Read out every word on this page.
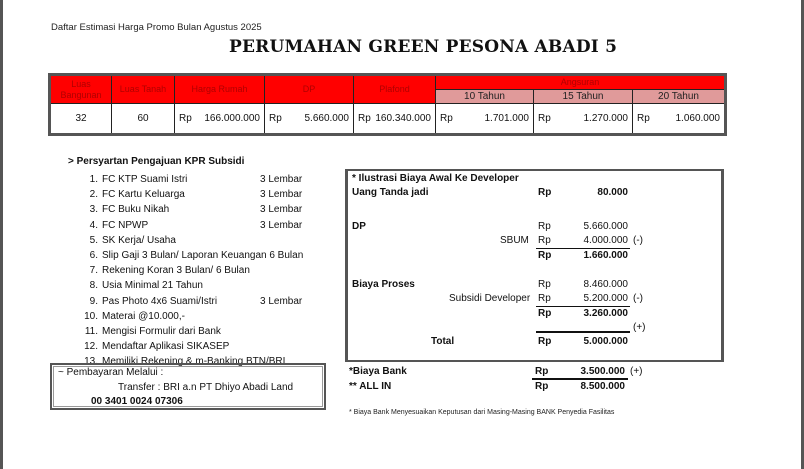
Daftar Estimasi Harga Promo Bulan Agustus 2025
PERUMAHAN GREEN PESONA ABADI 5
Luas Bangunan	Luas Tanah	Harga Rumah	DP	Plafond	Angsuran		
					10 Tahun	15 Tahun	20 Tahun
32	60	Rp 166.000.000	Rp 5.660.000	Rp 160.340.000	Rp 1.701.000	Rp 1.270.000	Rp 1.060.000
> Persyartan Pengajuan KPR Subsidi
1. FC KTP Suami Istri	3 Lembar
2. FC Kartu Keluarga	3 Lembar
3. FC Buku Nikah	3 Lembar
4. FC NPWP	3 Lembar
5. SK Kerja/ Usaha
6. Slip Gaji 3 Bulan/ Laporan Keuangan 6 Bulan
7. Rekening Koran 3 Bulan/ 6 Bulan
8. Usia Minimal 21 Tahun
9. Pas Photo 4x6 Suami/Istri	3 Lembar
10. Materai @10.000,-
11. Mengisi Formulir dari Bank
12. Mendaftar Aplikasi SIKASEP
13. Memiliki Rekening & m-Banking BTN/BRI
~ Pembayaran Melalui :
Transfer : BRI a.n PT Dhiyo Abadi Land
00 3401 0024 07306
* Ilustrasi Biaya Awal Ke Developer
Uang Tanda jadi	Rp	80.000
DP	Rp	5.660.000
SBUM Rp	4.000.000 (-)
Rp	1.660.000
Biaya Proses	Rp	8.460.000
Subsidi Developer Rp	5.200.000 (-)
Rp	3.260.000
(+)
Total	Rp	5.000.000
*Biaya Bank	Rp	3.500.000 (+)
** ALL IN	Rp	8.500.000
* Biaya Bank Menyesuaikan Keputusan dari Masing-Masing BANK Penyedia Fasilitas
